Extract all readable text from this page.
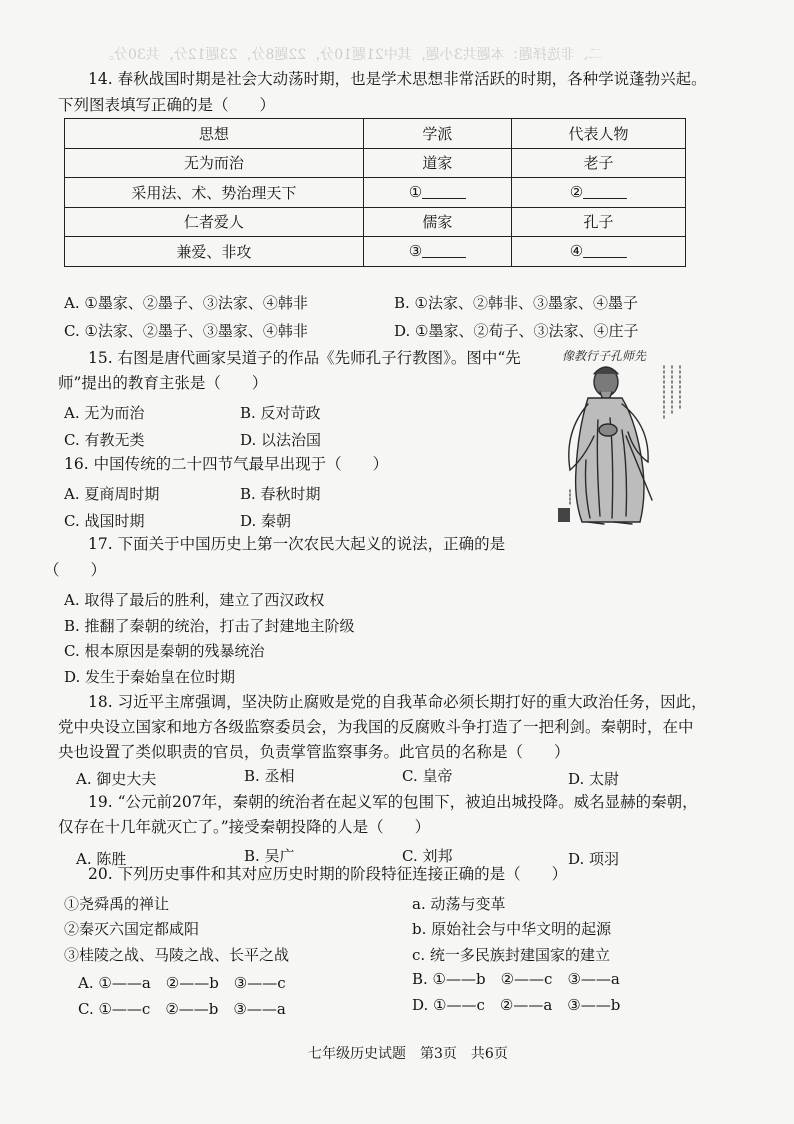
二、非选择题：本题共3小题，其中21题10分，22题8分，23题12分，共30分。
14. 春秋战国时期是社会大动荡时期，也是学术思想非常活跃的时期，各种学说蓬勃兴起。
下列图表填写正确的是（　　）
思想	学派	代表人物
无为而治	道家	老子
采用法、术、势治理天下	①	②
仁者爱人	儒家	孔子
兼爱、非攻	③	④
A. ①墨家、②墨子、③法家、④韩非	B. ①法家、②韩非、③墨家、④墨子
C. ①法家、②墨子、③墨家、④韩非	D. ①墨家、②荀子、③法家、④庄子
15. 右图是唐代画家吴道子的作品《先师孔子行教图》。图中“先
师”提出的教育主张是（　　）
A. 无为而治	B. 反对苛政
C. 有教无类	D. 以法治国
像教行子孔师先
16. 中国传统的二十四节气最早出现于（　　）
A. 夏商周时期	B. 春秋时期
C. 战国时期	D. 秦朝
17. 下面关于中国历史上第一次农民大起义的说法，正确的是
（　　）
A. 取得了最后的胜利，建立了西汉政权
B. 推翻了秦朝的统治，打击了封建地主阶级
C. 根本原因是秦朝的残暴统治
D. 发生于秦始皇在位时期
18. 习近平主席强调，坚决防止腐败是党的自我革命必须长期打好的重大政治任务，因此，
党中央设立国家和地方各级监察委员会，为我国的反腐败斗争打造了一把利剑。秦朝时，在中
央也设置了类似职责的官员，负责掌管监察事务。此官员的名称是（　　）
A. 御史大夫	B. 丞相	C. 皇帝	D. 太尉
19. “公元前207年，秦朝的统治者在起义军的包围下，被迫出城投降。威名显赫的秦朝，
仅存在十几年就灭亡了。”接受秦朝投降的人是（　　）
A. 陈胜	B. 吴广	C. 刘邦	D. 项羽
20. 下列历史事件和其对应历史时期的阶段特征连接正确的是（　　）
①尧舜禹的禅让
②秦灭六国定都咸阳
③桂陵之战、马陵之战、长平之战
a. 动荡与变革
b. 原始社会与中华文明的起源
c. 统一多民族封建国家的建立
A. ①——a　②——b　③——c	B. ①——b　②——c　③——a
C. ①——c　②——b　③——a	D. ①——c　②——a　③——b
七年级历史试题　第3页　共6页
